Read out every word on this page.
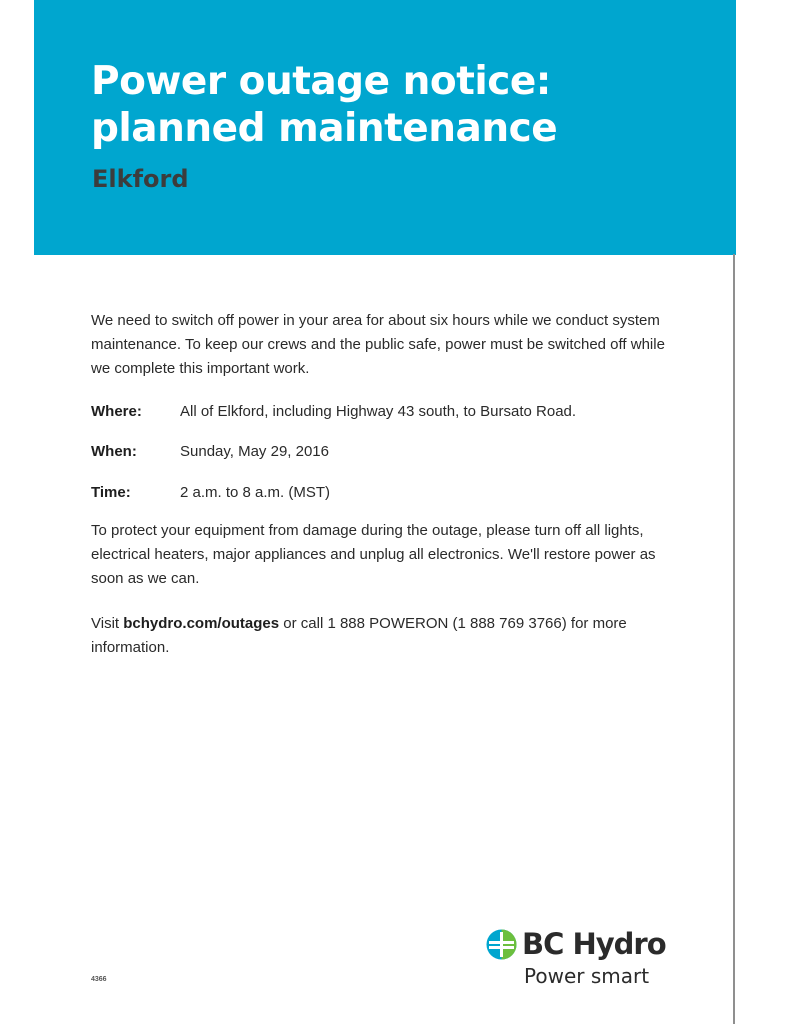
Power outage notice:
planned maintenance
Elkford

We need to switch off power in your area for about six hours while we conduct system maintenance. To keep our crews and the public safe, power must be switched off while we complete this important work.

Where:	All of Elkford, including Highway 43 south, to Bursato Road.
When:	Sunday, May 29, 2016
Time:	2 a.m. to 8 a.m. (MST)

To protect your equipment from damage during the outage, please turn off all lights, electrical heaters, major appliances and unplug all electronics. We'll restore power as soon as we can.

Visit bchydro.com/outages or call 1 888 POWERON (1 888 769 3766) for more information.

4366
BC Hydro
Power smart
